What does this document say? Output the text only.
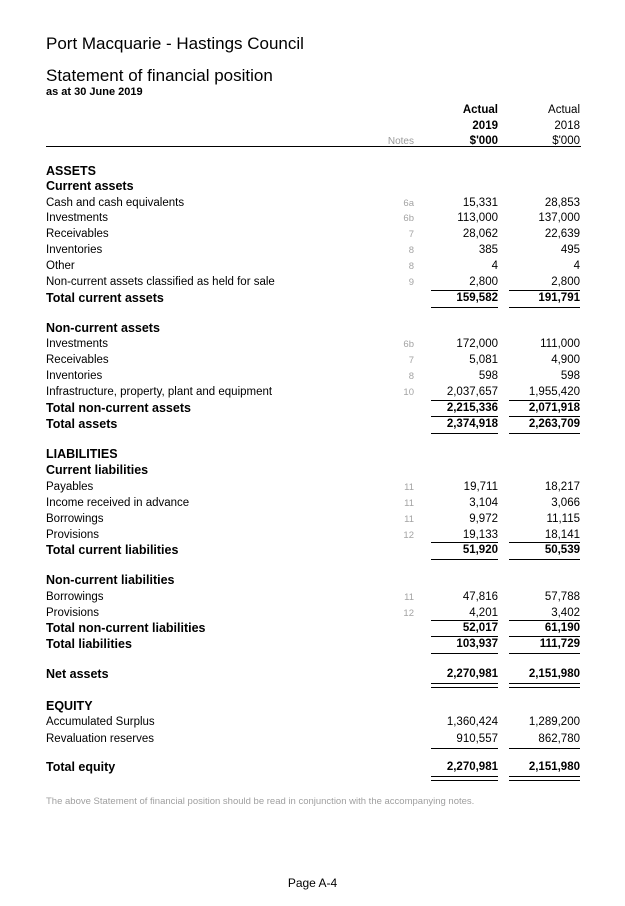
Port Macquarie - Hastings Council
Statement of financial position
as at 30 June 2019
Actual	Actual
2019	2018
Notes	$'000	$'000
ASSETS
Current assets
Cash and cash equivalents	6a	15,331	28,853
Investments	6b	113,000	137,000
Receivables	7	28,062	22,639
Inventories	8	385	495
Other	8	4	4
Non-current assets classified as held for sale	9	2,800	2,800
Total current assets	159,582	191,791
Non-current assets
Investments	6b	172,000	111,000
Receivables	7	5,081	4,900
Inventories	8	598	598
Infrastructure, property, plant and equipment	10	2,037,657	1,955,420
Total non-current assets	2,215,336	2,071,918
Total assets	2,374,918	2,263,709
LIABILITIES
Current liabilities
Payables	11	19,711	18,217
Income received in advance	11	3,104	3,066
Borrowings	11	9,972	11,115
Provisions	12	19,133	18,141
Total current liabilities	51,920	50,539
Non-current liabilities
Borrowings	11	47,816	57,788
Provisions	12	4,201	3,402
Total non-current liabilities	52,017	61,190
Total liabilities	103,937	111,729
Net assets	2,270,981	2,151,980
EQUITY
Accumulated Surplus	1,360,424	1,289,200
Revaluation reserves	910,557	862,780
Total equity	2,270,981	2,151,980
The above Statement of financial position should be read in conjunction with the accompanying notes.
Page A-4
